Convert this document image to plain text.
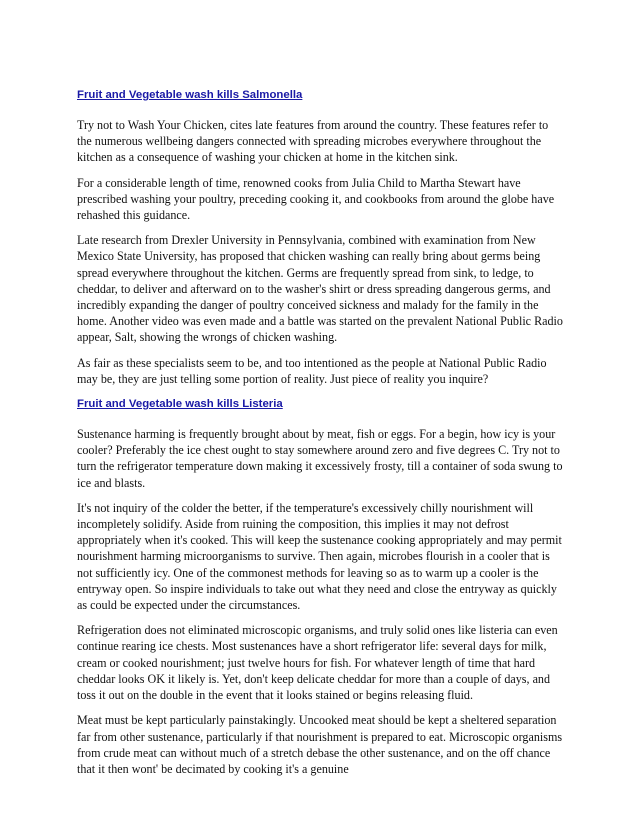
Fruit and Vegetable wash kills Salmonella

Try not to Wash Your Chicken, cites late features from around the country. These features refer to the numerous wellbeing dangers connected with spreading microbes everywhere throughout the kitchen as a consequence of washing your chicken at home in the kitchen sink.

For a considerable length of time, renowned cooks from Julia Child to Martha Stewart have prescribed washing your poultry, preceding cooking it, and cookbooks from around the globe have rehashed this guidance.

Late research from Drexler University in Pennsylvania, combined with examination from New Mexico State University, has proposed that chicken washing can really bring about germs being spread everywhere throughout the kitchen. Germs are frequently spread from sink, to ledge, to cheddar, to deliver and afterward on to the washer's shirt or dress spreading dangerous germs, and incredibly expanding the danger of poultry conceived sickness and malady for the family in the home. Another video was even made and a battle was started on the prevalent National Public Radio appear, Salt, showing the wrongs of chicken washing.

As fair as these specialists seem to be, and too intentioned as the people at National Public Radio may be, they are just telling some portion of reality. Just piece of reality you inquire?

Fruit and Vegetable wash kills Listeria

Sustenance harming is frequently brought about by meat, fish or eggs. For a begin, how icy is your cooler? Preferably the ice chest ought to stay somewhere around zero and five degrees C. Try not to turn the refrigerator temperature down making it excessively frosty, till a container of soda swung to ice and blasts.

It's not inquiry of the colder the better, if the temperature's excessively chilly nourishment will incompletely solidify. Aside from ruining the composition, this implies it may not defrost appropriately when it's cooked. This will keep the sustenance cooking appropriately and may permit nourishment harming microorganisms to survive. Then again, microbes flourish in a cooler that is not sufficiently icy. One of the commonest methods for leaving so as to warm up a cooler is the entryway open. So inspire individuals to take out what they need and close the entryway as quickly as could be expected under the circumstances.

Refrigeration does not eliminated microscopic organisms, and truly solid ones like listeria can even continue rearing ice chests. Most sustenances have a short refrigerator life: several days for milk, cream or cooked nourishment; just twelve hours for fish. For whatever length of time that hard cheddar looks OK it likely is. Yet, don't keep delicate cheddar for more than a couple of days, and toss it out on the double in the event that it looks stained or begins releasing fluid.

Meat must be kept particularly painstakingly. Uncooked meat should be kept a sheltered separation far from other sustenance, particularly if that nourishment is prepared to eat. Microscopic organisms from crude meat can without much of a stretch debase the other sustenance, and on the off chance that it then wont' be decimated by cooking it's a genuine
